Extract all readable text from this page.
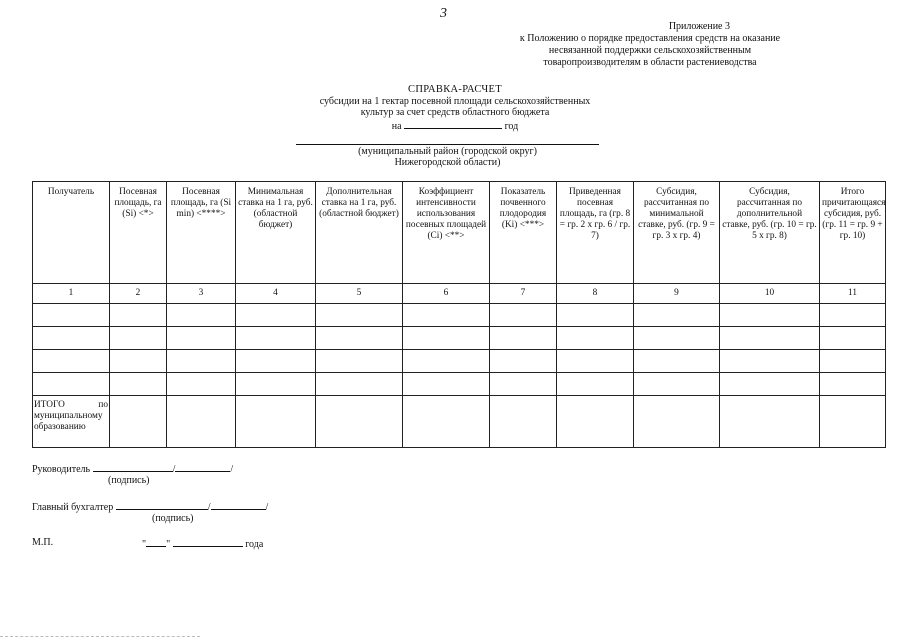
3
Приложение 3
к Положению о порядке предоставления средств на оказание
несвязанной поддержки сельскохозяйственным
товаропроизводителям в области растениеводства
СПРАВКА-РАСЧЕТ
субсидии на 1 гектар посевной площади сельскохозяйственных
культур за счет средств областного бюджета
на	год
(муниципальный район (городской округ)
Нижегородской области)
Получатель	Посевная площадь, га (Si) <*>	Посевная площадь, га (Si min) <****>	Минимальная ставка на 1 га, руб. (областной бюджет)	Дополнительная ставка на 1 га, руб. (областной бюджет)	Коэффициент интенсивности использования посевных площадей (Ci) <**>	Показатель почвенного плодородия (Ki) <***>	Приведенная посевная площадь, га (гр. 8 = гр. 2 x гр. 6 / гр. 7)	Субсидия, рассчитанная по минимальной ставке, руб. (гр. 9 = гр. 3 x гр. 4)	Субсидия, рассчитанная по дополнительной ставке, руб. (гр. 10 = гр. 5 x гр. 8)	Итого причитающаяся субсидия, руб. (гр. 11 = гр. 9 + гр. 10)
1	2	3	4	5	6	7	8	9	10	11

ИТОГО по муниципальному образованию										
Руководитель	/	/
(подпись)
Главный бухгалтер	/	/
(подпись)
М.П.	" "	года
